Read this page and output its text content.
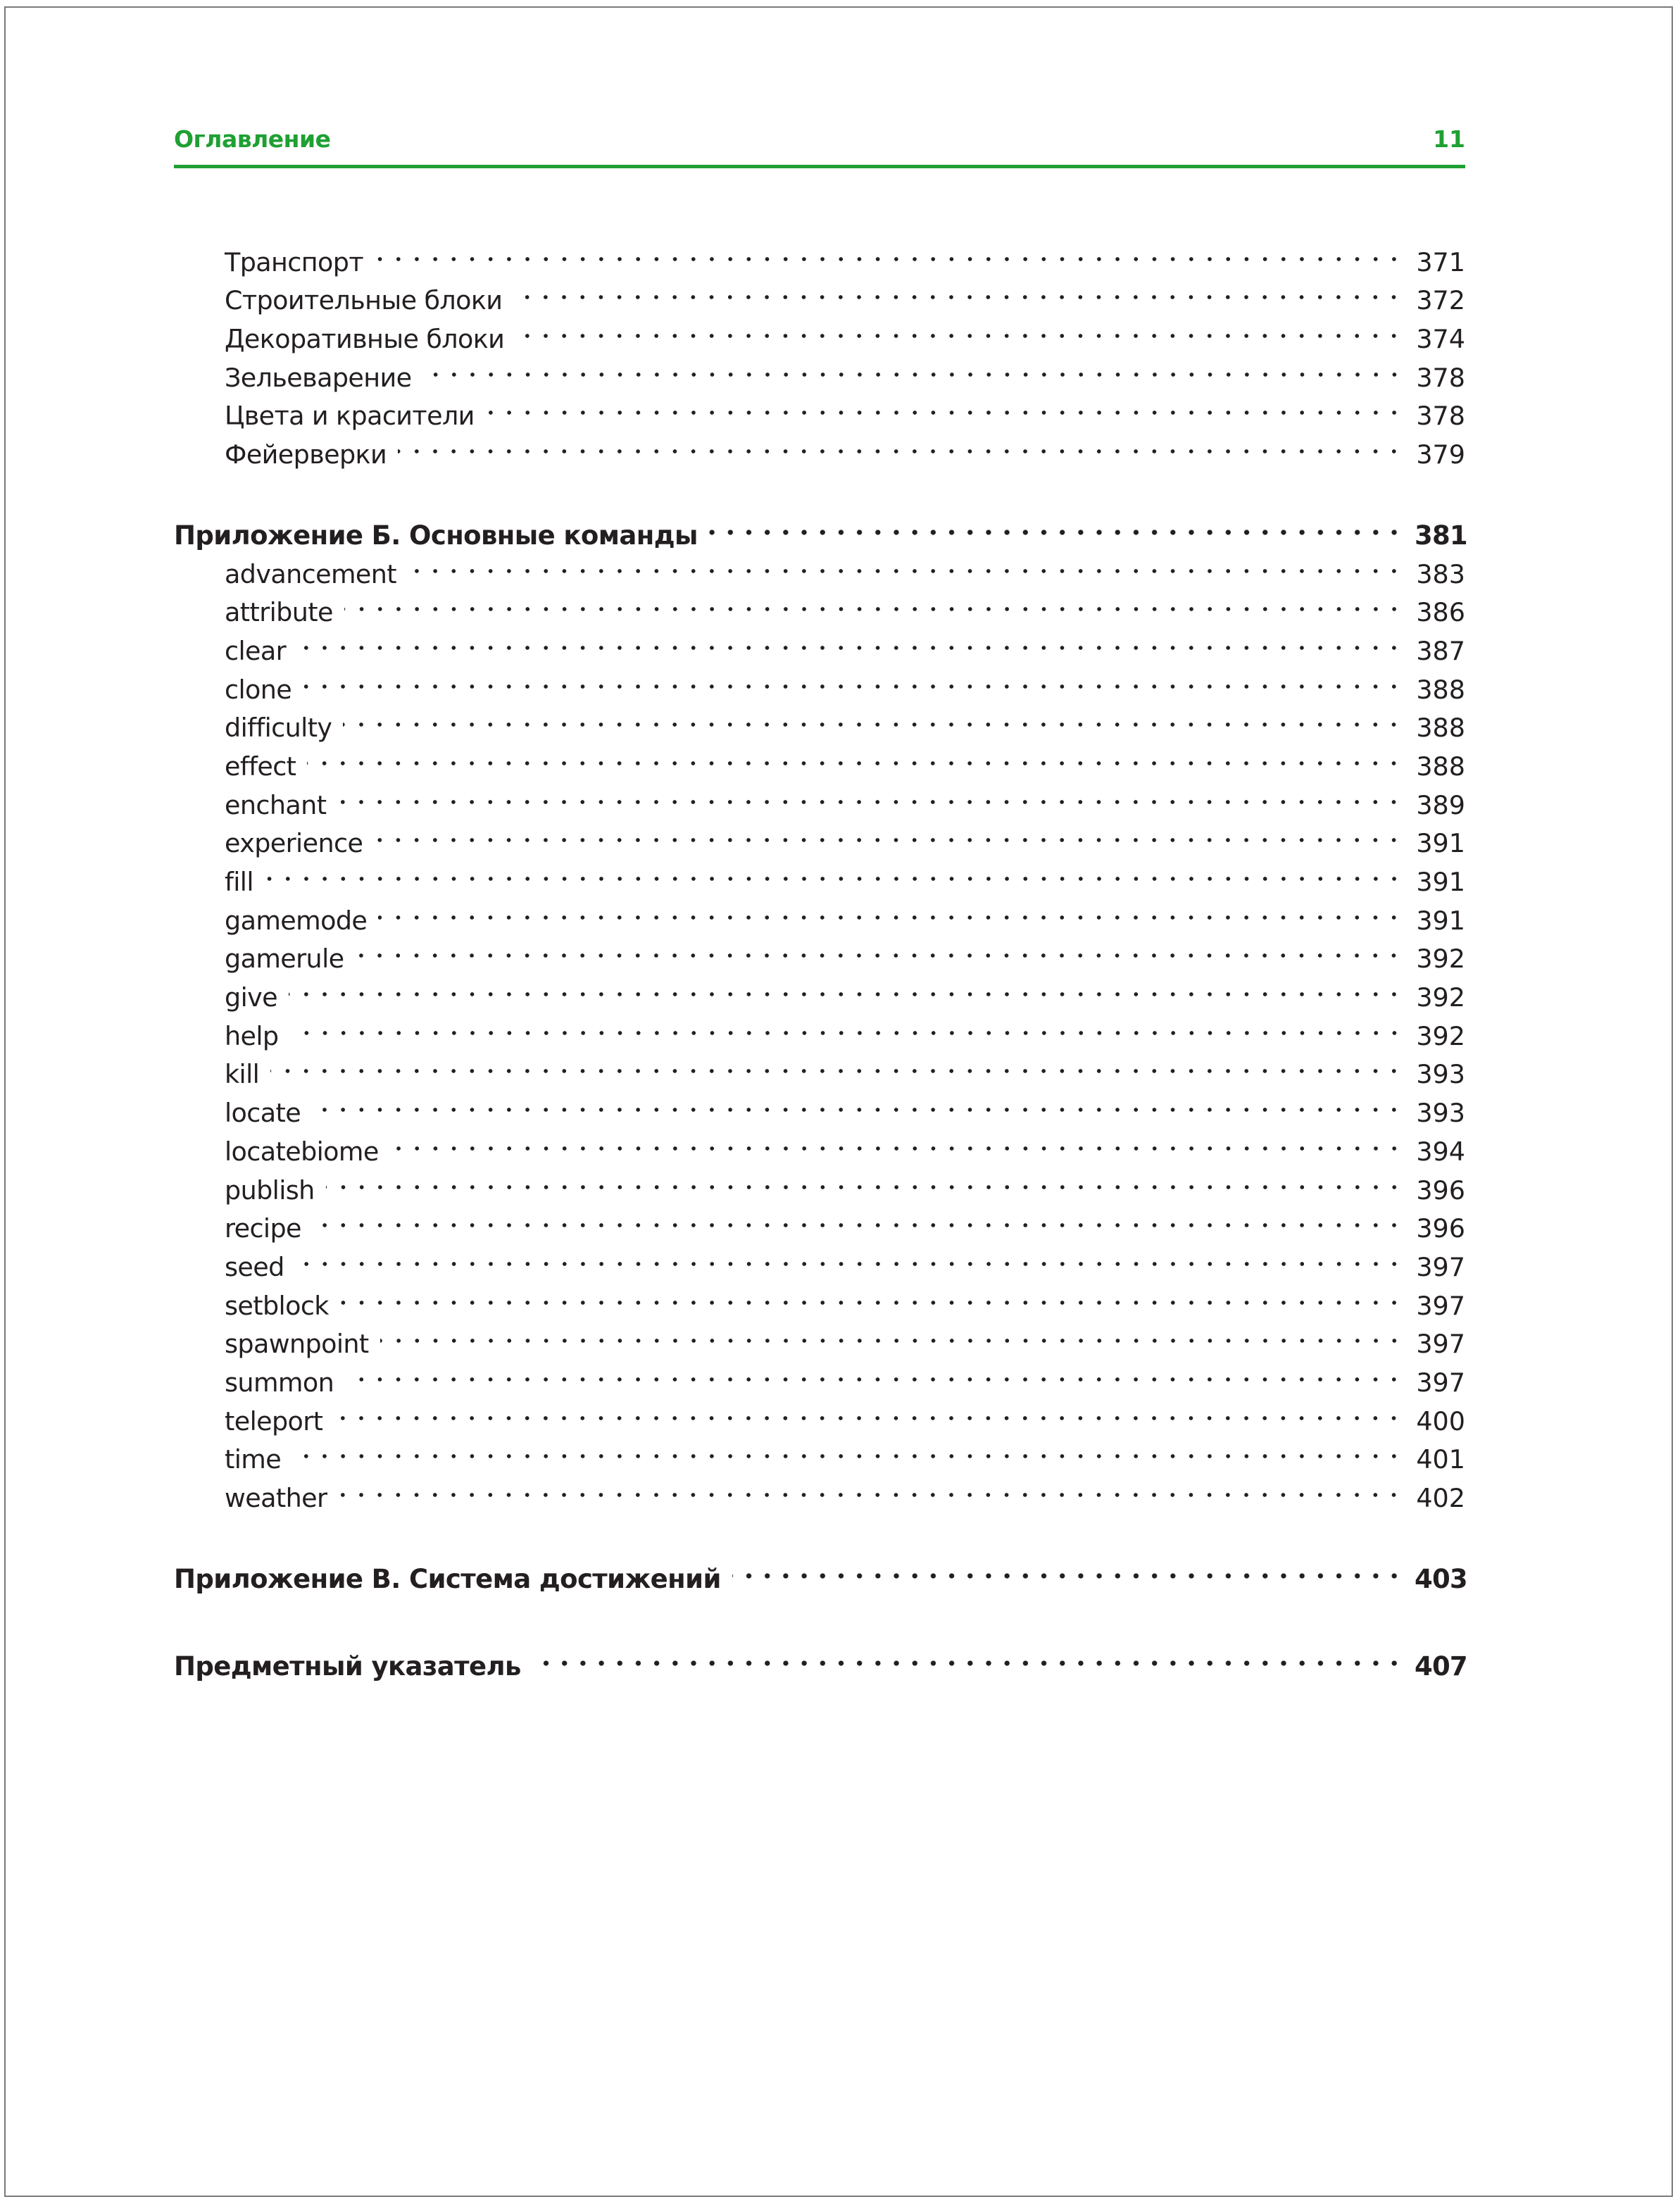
Оглавление	11
Транспорт	371
Строительные блоки	372
Декоративные блоки	374
Зельеварение	378
Цвета и красители	378
Фейерверки	379
Приложение Б. Основные команды	381
advancement	383
attribute	386
clear	387
clone	388
difficulty	388
effect	388
enchant	389
experience	391
fill	391
gamemode	391
gamerule	392
give	392
help	392
kill	393
locate	393
locatebiome	394
publish	396
recipe	396
seed	397
setblock	397
spawnpoint	397
summon	397
teleport	400
time	401
weather	402
Приложение В. Система достижений	403
Предметный указатель	407
